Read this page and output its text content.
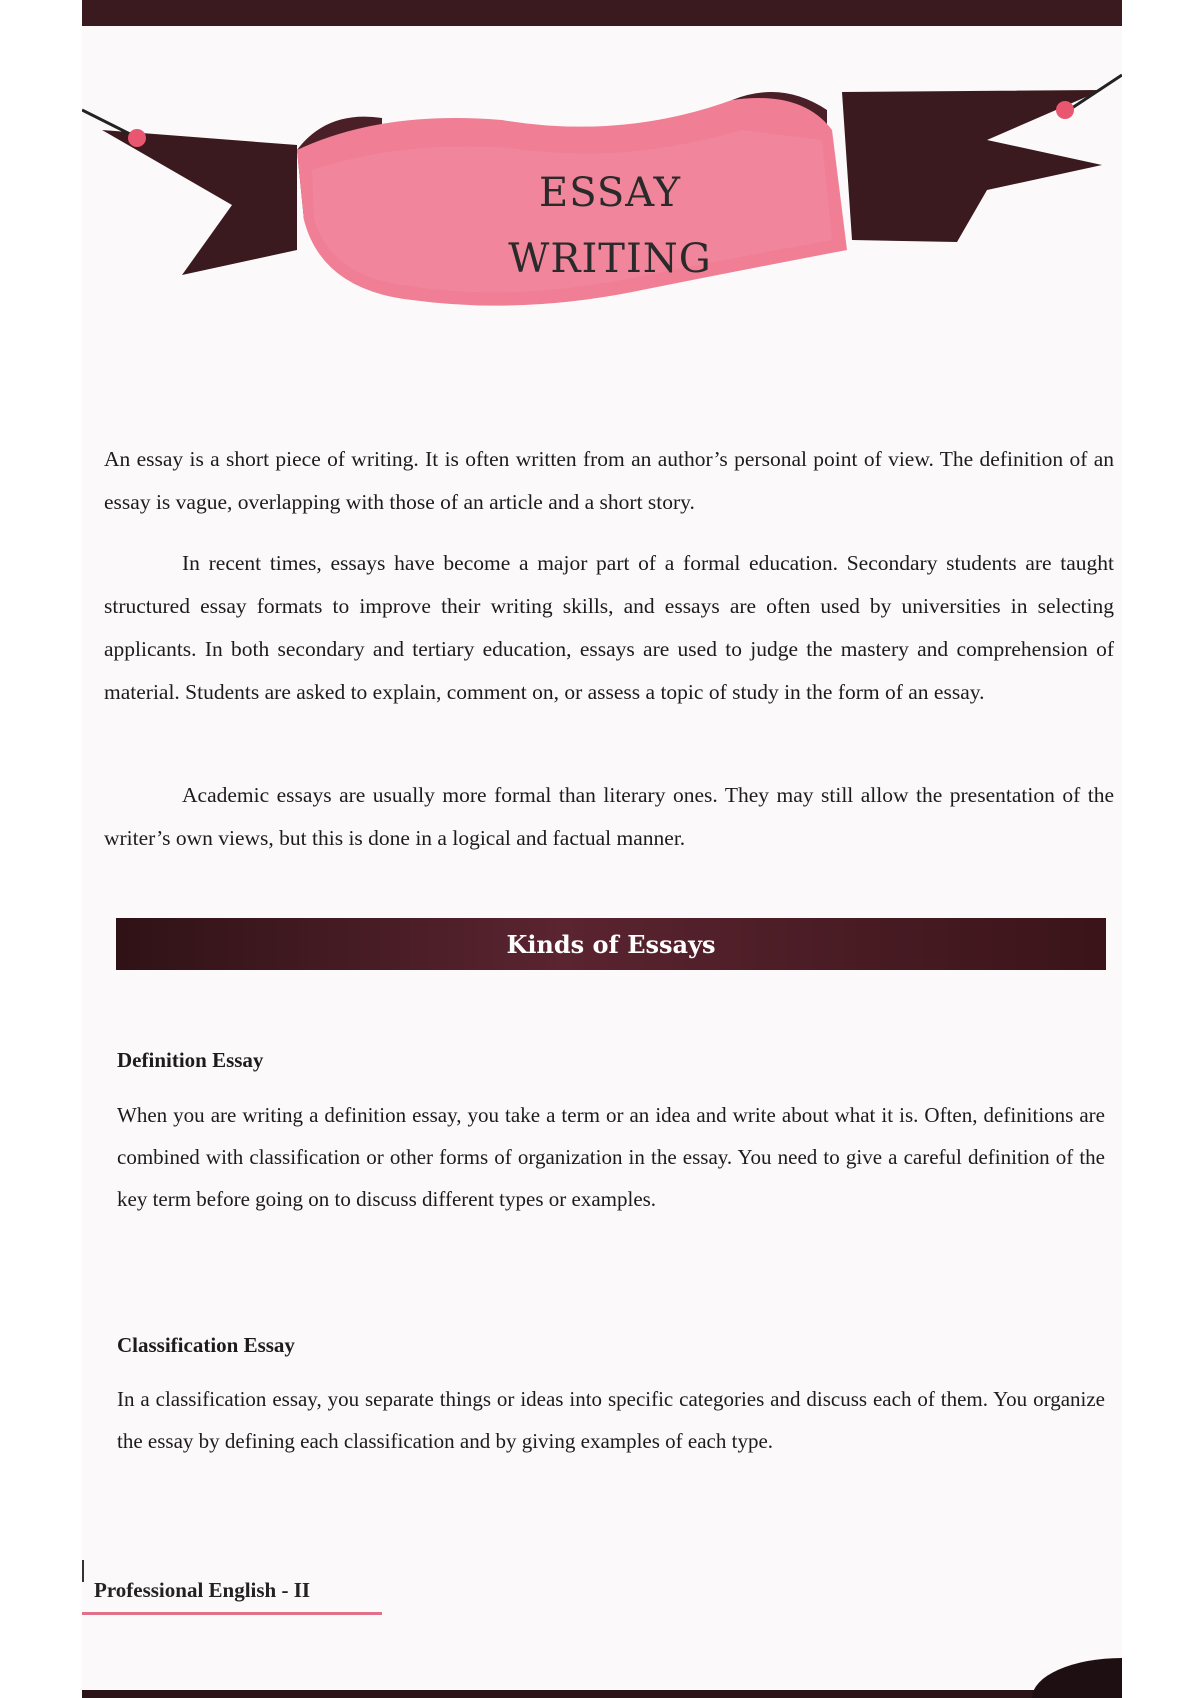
ESSAY
WRITING

An essay is a short piece of writing. It is often written from an author’s personal point of view. The definition of an essay is vague, overlapping with those of an article and a short story.

In recent times, essays have become a major part of a formal education. Secondary students are taught structured essay formats to improve their writing skills, and essays are often used by universities in selecting applicants. In both secondary and tertiary education, essays are used to judge the mastery and comprehension of material. Students are asked to explain, comment on, or assess a topic of study in the form of an essay.

Academic essays are usually more formal than literary ones. They may still allow the presentation of the writer’s own views, but this is done in a logical and factual manner.

Kinds of Essays
Definition Essay

When you are writing a definition essay, you take a term or an idea and write about what it is. Often, definitions are combined with classification or other forms of organization in the essay. You need to give a careful definition of the key term before going on to discuss different types or examples.

Classification Essay

In a classification essay, you separate things or ideas into specific categories and discuss each of them. You organize the essay by defining each classification and by giving examples of each type.

Professional English - II
